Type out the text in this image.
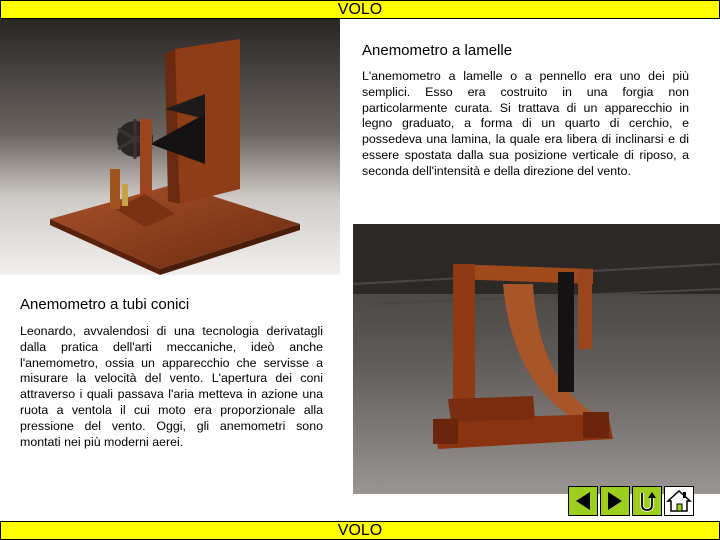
VOLO
Anemometro a lamelle

L'anemometro a lamelle o a pennello era uno dei più semplici. Esso era costruito in una forgia non particolarmente curata. Si trattava di un apparecchio in legno graduato, a forma di un quarto di cerchio, e possedeva una lamina, la quale era libera di inclinarsi e di essere spostata dalla sua posizione verticale di riposo, a seconda dell'intensità e della direzione del vento.

Anemometro a tubi conici

Leonardo, avvalendosi di una tecnologia derivatagli dalla pratica dell'arti meccaniche, ideò anche l'anemometro, ossia un apparecchio che servisse a misurare la velocità del vento. L'apertura dei coni attraverso i quali passava l'aria metteva in azione una ruota a ventola il cui moto era proporzionale alla pressione del vento. Oggi, gli anemometri sono montati nei più moderni aerei.

VOLO
